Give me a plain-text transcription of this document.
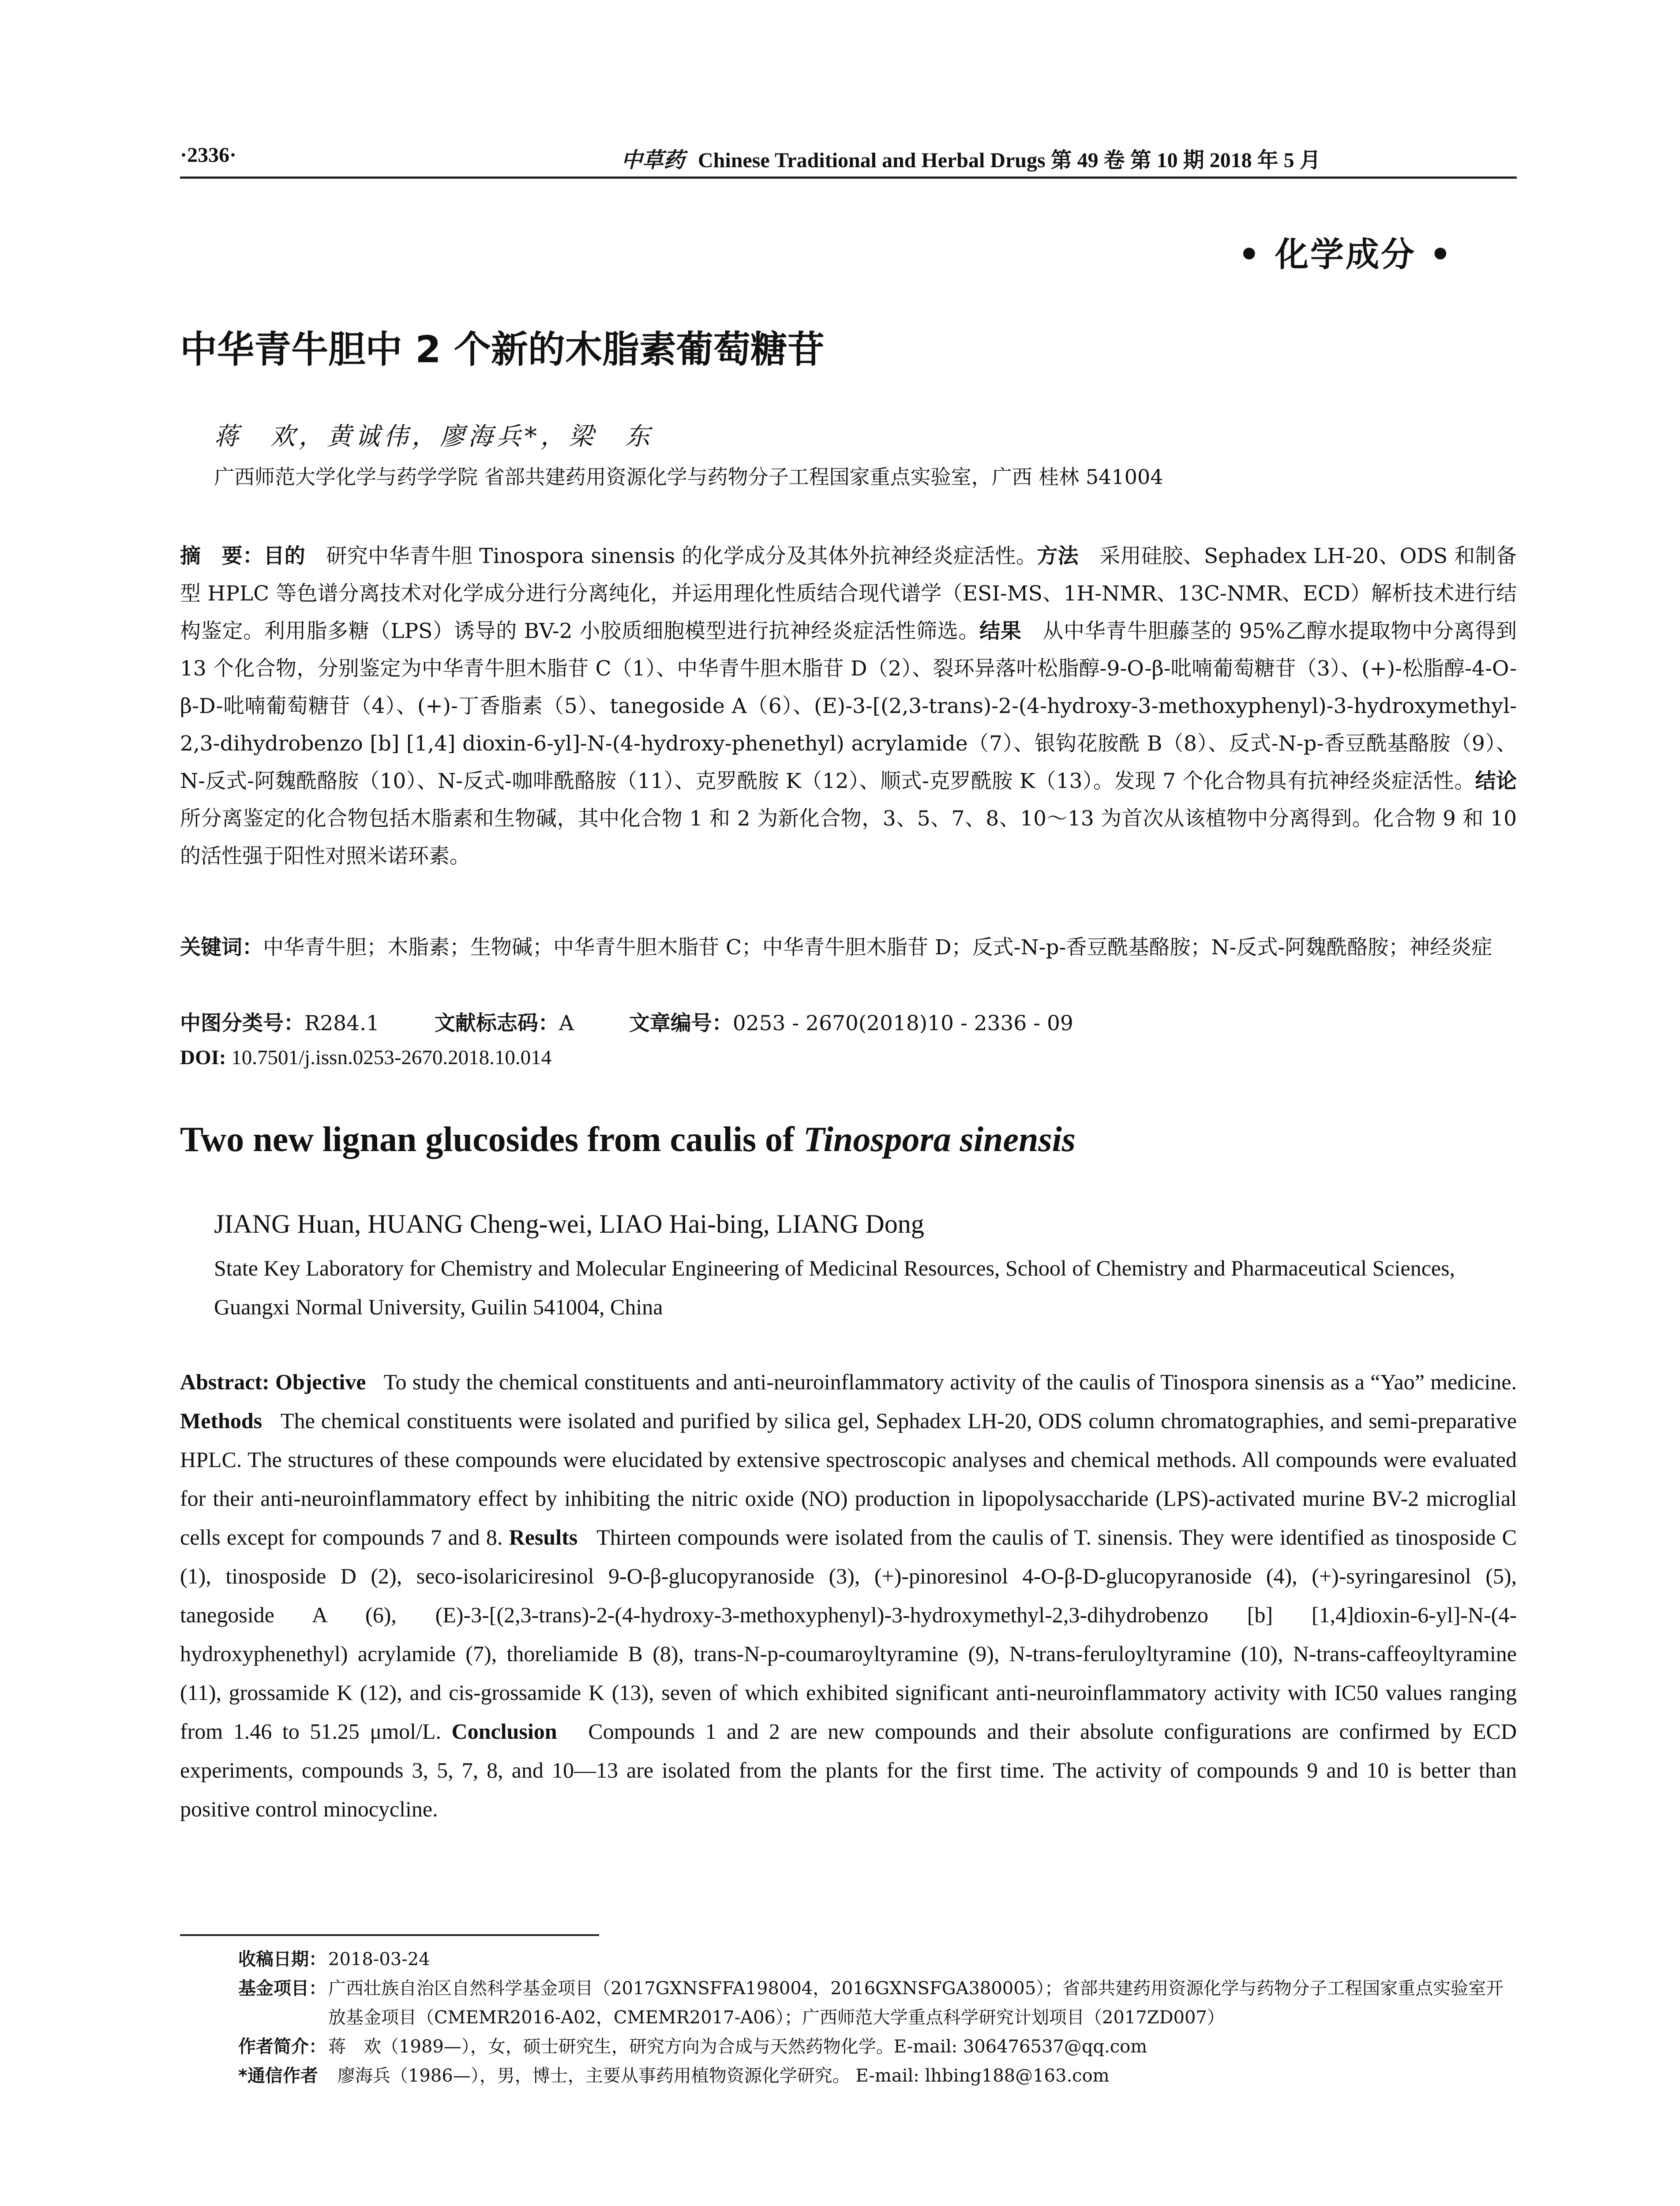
·2336·	中草药 Chinese Traditional and Herbal Drugs 第 49 卷 第 10 期 2018 年 5 月
• 化学成分 •
中华青牛胆中 2 个新的木脂素葡萄糖苷
蒋　欢，黄诚伟，廖海兵*，梁　东
广西师范大学化学与药学学院 省部共建药用资源化学与药物分子工程国家重点实验室，广西 桂林 541004
摘　要：目的　 研究中华青牛胆 Tinospora sinensis 的化学成分及其体外抗神经炎症活性。方法　 采用硅胶、Sephadex LH-20、ODS 和制备型 HPLC 等色谱分离技术对化学成分进行分离纯化，并运用理化性质结合现代谱学（ESI-MS、1H-NMR、13C-NMR、ECD）解析技术进行结构鉴定。利用脂多糖（LPS）诱导的 BV-2 小胶质细胞模型进行抗神经炎症活性筛选。结果　 从中华青牛胆藤茎的 95%乙醇水提取物中分离得到 13 个化合物，分别鉴定为中华青牛胆木脂苷 C（1）、中华青牛胆木脂苷 D（2）、裂环异落叶松脂醇-9-O-β-吡喃葡萄糖苷（3）、(+)-松脂醇-4-O-β-D-吡喃葡萄糖苷（4）、(+)-丁香脂素（5）、tanegoside A（6）、(E)-3-[(2,3-trans)-2-(4-hydroxy-3-methoxyphenyl)-3-hydroxymethyl-2,3-dihydrobenzo [b] [1,4] dioxin-6-yl]-N-(4-hydroxy-phenethyl) acrylamide（7）、银钩花胺酰 B（8）、反式-N-p-香豆酰基酪胺（9）、N-反式-阿魏酰酪胺（10）、N-反式-咖啡酰酪胺（11）、克罗酰胺 K（12）、顺式-克罗酰胺 K（13）。发现 7 个化合物具有抗神经炎症活性。结论　所分离鉴定的化合物包括木脂素和生物碱，其中化合物 1 和 2 为新化合物，3、5、7、8、10～13 为首次从该植物中分离得到。化合物 9 和 10 的活性强于阳性对照米诺环素。
关键词：中华青牛胆；木脂素；生物碱；中华青牛胆木脂苷 C；中华青牛胆木脂苷 D；反式-N-p-香豆酰基酪胺；N-反式-阿魏酰酪胺；神经炎症
中图分类号：R284.1	文献标志码：A	文章编号：0253 - 2670(2018)10 - 2336 - 09
DOI: 10.7501/j.issn.0253-2670.2018.10.014
Two new lignan glucosides from caulis of Tinospora sinensis
JIANG Huan, HUANG Cheng-wei, LIAO Hai-bing, LIANG Dong
State Key Laboratory for Chemistry and Molecular Engineering of Medicinal Resources, School of Chemistry and Pharmaceutical Sciences, Guangxi Normal University, Guilin 541004, China
Abstract: Objective To study the chemical constituents and anti-neuroinflammatory activity of the caulis of Tinospora sinensis as a “Yao” medicine. Methods The chemical constituents were isolated and purified by silica gel, Sephadex LH-20, ODS column chromatographies, and semi-preparative HPLC. The structures of these compounds were elucidated by extensive spectroscopic analyses and chemical methods. All compounds were evaluated for their anti-neuroinflammatory effect by inhibiting the nitric oxide (NO) production in lipopolysaccharide (LPS)-activated murine BV-2 microglial cells except for compounds 7 and 8. Results Thirteen compounds were isolated from the caulis of T. sinensis. They were identified as tinosposide C (1), tinosposide D (2), seco-isolariciresinol 9-O-β-glucopyranoside (3), (+)-pinoresinol 4-O-β-D-glucopyranoside (4), (+)-syringaresinol (5), tanegoside A (6), (E)-3-[(2,3-trans)-2-(4-hydroxy-3-methoxyphenyl)-3-hydroxymethyl-2,3-dihydrobenzo [b] [1,4]dioxin-6-yl]-N-(4-hydroxyphenethyl) acrylamide (7), thoreliamide B (8), trans-N-p-coumaroyltyramine (9), N-trans-feruloyltyramine (10), N-trans-caffeoyltyramine (11), grossamide K (12), and cis-grossamide K (13), seven of which exhibited significant anti-neuroinflammatory activity with IC50 values ranging from 1.46 to 51.25 μmol/L. Conclusion Compounds 1 and 2 are new compounds and their absolute configurations are confirmed by ECD experiments, compounds 3, 5, 7, 8, and 10—13 are isolated from the plants for the first time. The activity of compounds 9 and 10 is better than positive control minocycline.
收稿日期： 2018-03-24
基金项目： 广西壮族自治区自然科学基金项目（2017GXNSFFA198004，2016GXNSFGA380005）；省部共建药用资源化学与药物分子工程国家重点实验室开放基金项目（CMEMR2016-A02，CMEMR2017-A06）；广西师范大学重点科学研究计划项目（2017ZD007）
作者简介： 蒋　欢（1989—），女，硕士研究生，研究方向为合成与天然药物化学。E-mail: 306476537@qq.com
*通信作者　 廖海兵（1986—），男，博士，主要从事药用植物资源化学研究。 E-mail: lhbing188@163.com
